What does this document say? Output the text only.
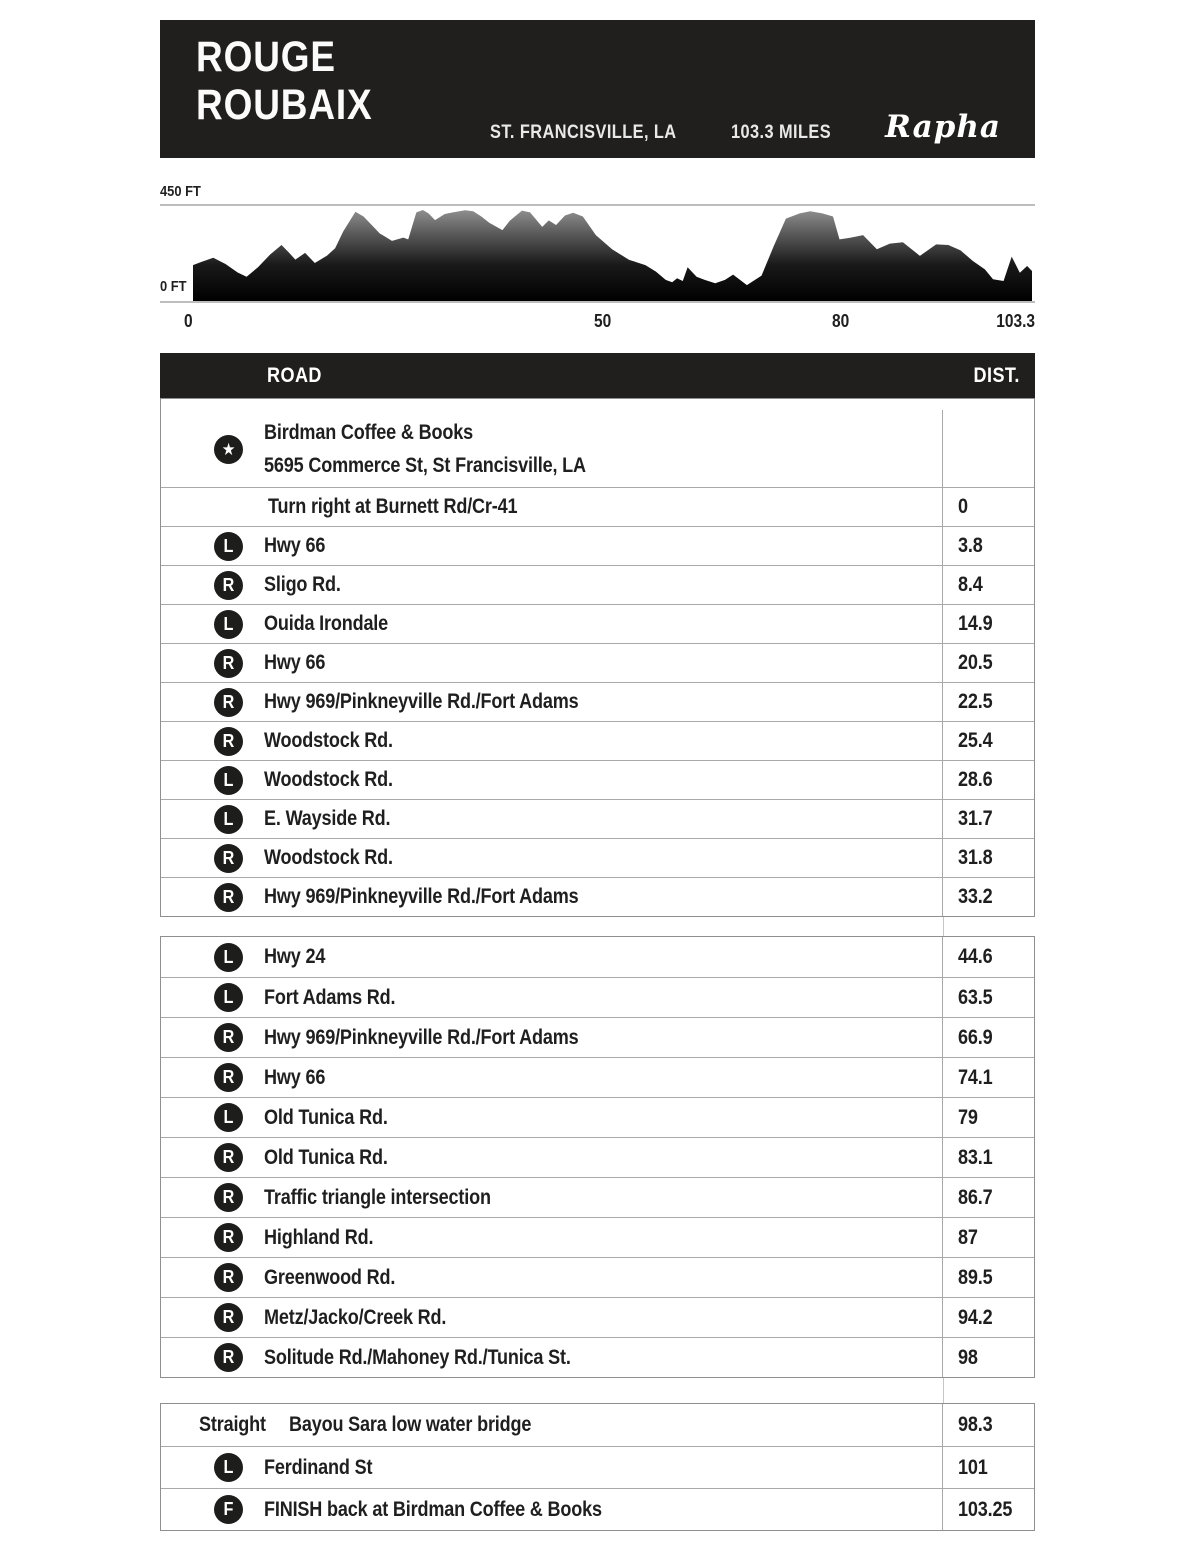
ROUGE
ROUBAIX
ST. FRANCISVILLE, LA	103.3 MILES	Rapha
450 FT
0 FT
0	50	80	103.3
ROAD	DIST.
★
Birdman Coffee & Books
5695 Commerce St, St Francisville, LA
Turn right at Burnett Rd/Cr-41	0
L Hwy 66	3.8
R Sligo Rd.	8.4
L Ouida Irondale	14.9
R Hwy 66	20.5
R Hwy 969/Pinkneyville Rd./Fort Adams	22.5
R Woodstock Rd.	25.4
L Woodstock Rd.	28.6
L E. Wayside Rd.	31.7
R Woodstock Rd.	31.8
R Hwy 969/Pinkneyville Rd./Fort Adams	33.2
L Hwy 24	44.6
L Fort Adams Rd.	63.5
R Hwy 969/Pinkneyville Rd./Fort Adams	66.9
R Hwy 66	74.1
L Old Tunica Rd.	79
R Old Tunica Rd.	83.1
R Traffic triangle intersection	86.7
R Highland Rd.	87
R Greenwood Rd.	89.5
R Metz/Jacko/Creek Rd.	94.2
R Solitude Rd./Mahoney Rd./Tunica St.	98
Straight	Bayou Sara low water bridge	98.3
L Ferdinand St	101
F FINISH back at Birdman Coffee & Books	103.25
